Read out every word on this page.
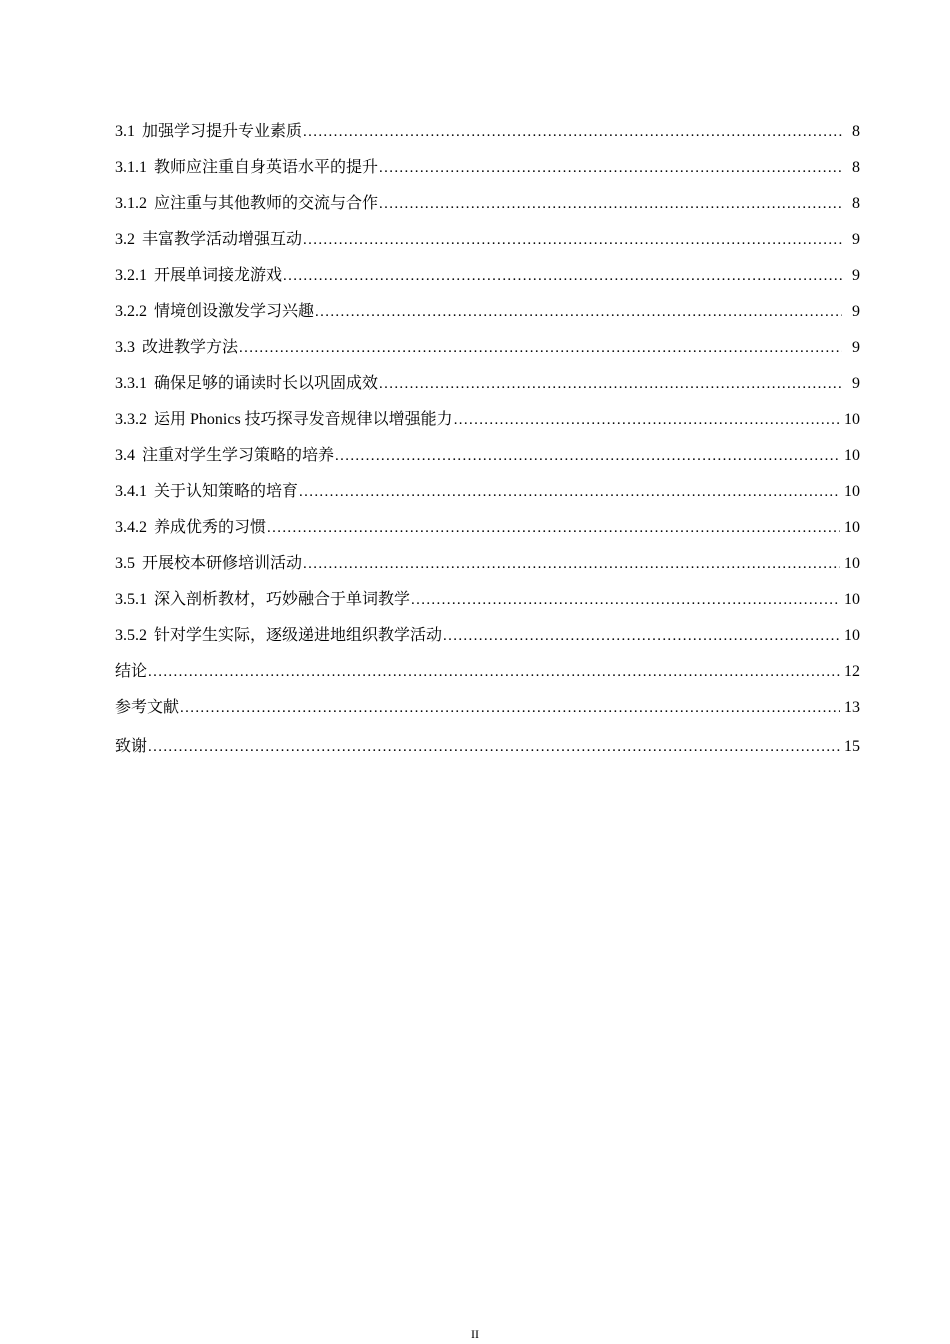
3.1 加强学习提升专业素质 . . .	8
3.1.1 教师应注重自身英语水平的提升 . . .	8
3.1.2 应注重与其他教师的交流与合作 . . .	8
3.2 丰富教学活动增强互动 . . .	9
3.2.1 开展单词接龙游戏 . . .	9
3.2.2 情境创设激发学习兴趣 . . .	9
3.3 改进教学方法 . . .	9
3.3.1 确保足够的诵读时长以巩固成效 . . .	9
3.3.2 运用 Phonics 技巧探寻发音规律以增强能力 . . .	10
3.4 注重对学生学习策略的培养 . . .	10
3.4.1 关于认知策略的培育 . . .	10
3.4.2 养成优秀的习惯 . . .	10
3.5 开展校本研修培训活动 . . .	10
3.5.1 深入剖析教材，巧妙融合于单词教学 . . .	10
3.5.2 针对学生实际，逐级递进地组织教学活动 . . .	10
结论 . . .	12
参考文献 . . .	13
致谢 . . .	15
II
